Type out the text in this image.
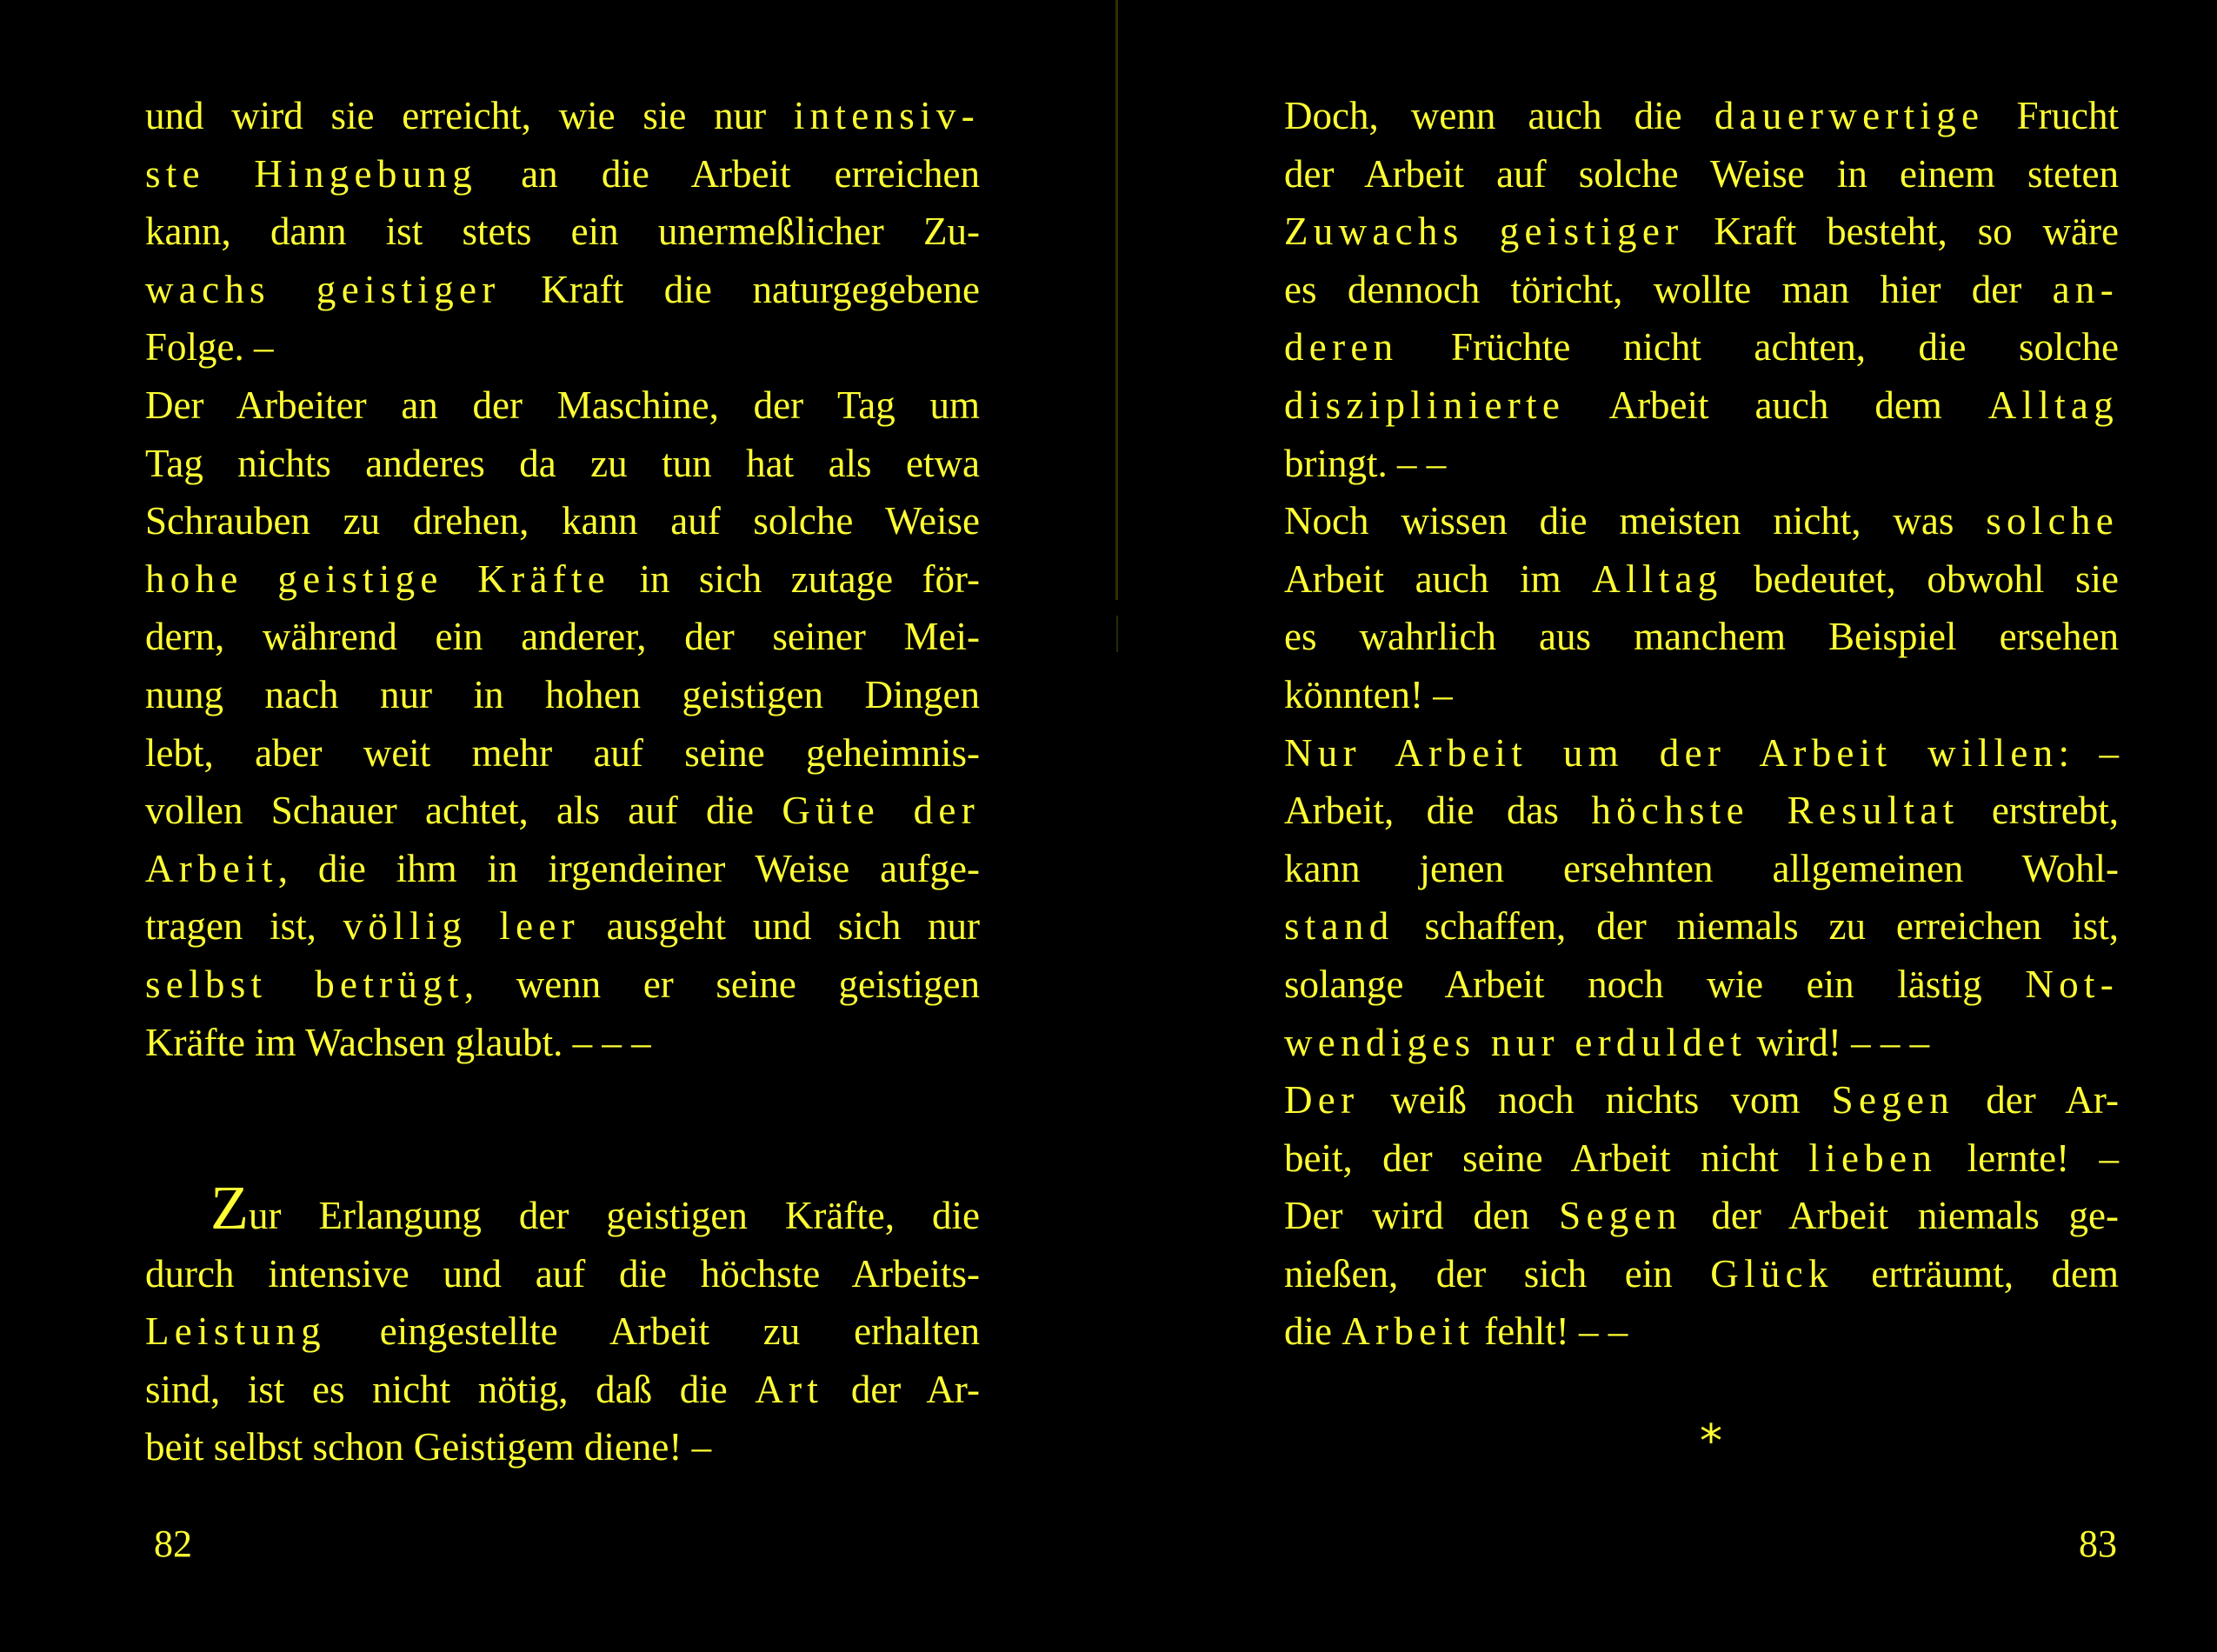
und wird sie erreicht, wie sie nur intensiv-
ste Hingebung an die Arbeit erreichen
kann, dann ist stets ein unermeßlicher Zu-
wachs geistiger Kraft die naturgegebene
Folge. –
Der Arbeiter an der Maschine, der Tag um
Tag nichts anderes da zu tun hat als etwa
Schrauben zu drehen, kann auf solche Weise
hohe geistige Kräfte in sich zutage för-
dern, während ein anderer, der seiner Mei-
nung nach nur in hohen geistigen Dingen
lebt, aber weit mehr auf seine geheimnis-
vollen Schauer achtet, als auf die Güte der
Arbeit, die ihm in irgendeiner Weise aufge-
tragen ist, völlig leer ausgeht und sich nur
selbst betrügt, wenn er seine geistigen
Kräfte im Wachsen glaubt. – – –
Zur Erlangung der geistigen Kräfte, die
durch intensive und auf die höchste Arbeits-
Leistung eingestellte Arbeit zu erhalten
sind, ist es nicht nötig, daß die Art der Ar-
beit selbst schon Geistigem diene! –
82
Doch, wenn auch die dauerwertige Frucht
der Arbeit auf solche Weise in einem steten
Zuwachs geistiger Kraft besteht, so wäre
es dennoch töricht, wollte man hier der an-
deren Früchte nicht achten, die solche
disziplinierte Arbeit auch dem Alltag
bringt. – –
Noch wissen die meisten nicht, was solche
Arbeit auch im Alltag bedeutet, obwohl sie
es wahrlich aus manchem Beispiel ersehen
könnten! –
Nur Arbeit um der Arbeit willen: –
Arbeit, die das höchste Resultat erstrebt,
kann jenen ersehnten allgemeinen Wohl-
stand schaffen, der niemals zu erreichen ist,
solange Arbeit noch wie ein lästig Not-
wendiges nur erduldet wird! – – –
Der weiß noch nichts vom Segen der Ar-
beit, der seine Arbeit nicht lieben lernte! –
Der wird den Segen der Arbeit niemals ge-
nießen, der sich ein Glück erträumt, dem
die Arbeit fehlt! – –
*
83
